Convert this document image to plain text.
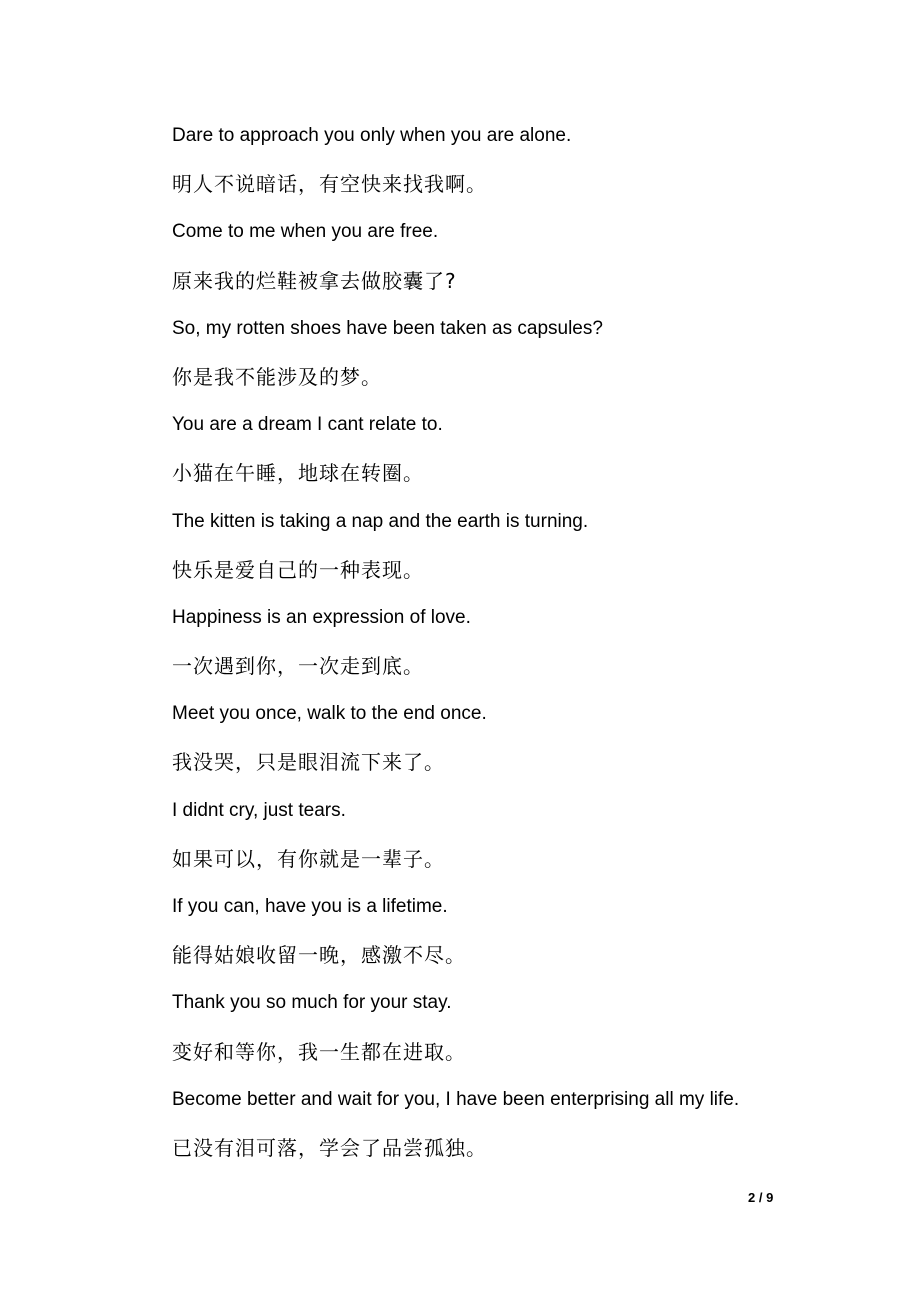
Dare to approach you only when you are alone.
明人不说暗话，有空快来找我啊。
Come to me when you are free.
原来我的烂鞋被拿去做胶囊了?
So, my rotten shoes have been taken as capsules?
你是我不能涉及的梦。
You are a dream I cant relate to.
小猫在午睡，地球在转圈。
The kitten is taking a nap and the earth is turning.
快乐是爱自己的一种表现。
Happiness is an expression of love.
一次遇到你，一次走到底。
Meet you once, walk to the end once.
我没哭，只是眼泪流下来了。
I didnt cry, just tears.
如果可以，有你就是一辈子。
If you can, have you is a lifetime.
能得姑娘收留一晚，感激不尽。
Thank you so much for your stay.
变好和等你，我一生都在进取。
Become better and wait for you, I have been enterprising all my life.
已没有泪可落，学会了品尝孤独。
2 / 9
